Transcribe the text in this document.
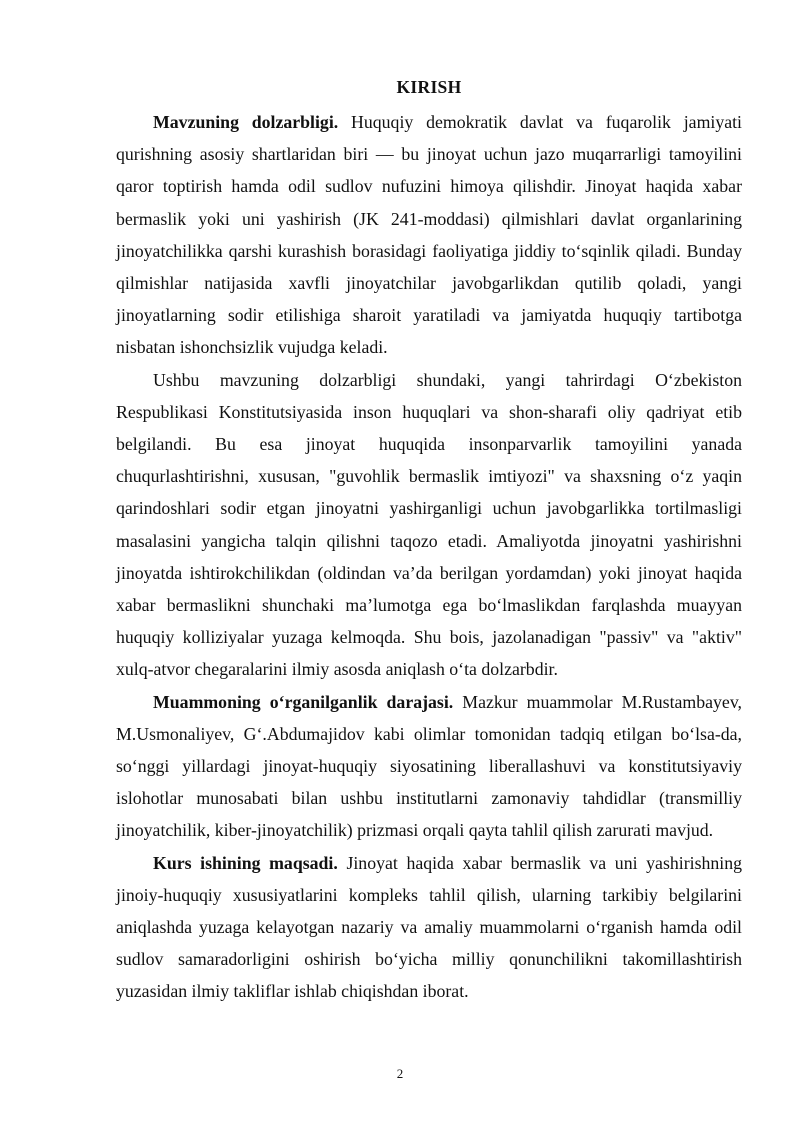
KIRISH

Mavzuning dolzarbligi. Huquqiy demokratik davlat va fuqarolik jamiyati qurishning asosiy shartlaridan biri — bu jinoyat uchun jazo muqarrarligi tamoyilini qaror toptirish hamda odil sudlov nufuzini himoya qilishdir. Jinoyat haqida xabar bermaslik yoki uni yashirish (JK 241-moddasi) qilmishlari davlat organlarining jinoyatchilikka qarshi kurashish borasidagi faoliyatiga jiddiy to‘sqinlik qiladi. Bunday qilmishlar natijasida xavfli jinoyatchilar javobgarlikdan qutilib qoladi, yangi jinoyatlarning sodir etilishiga sharoit yaratiladi va jamiyatda huquqiy tartibotga nisbatan ishonchsizlik vujudga keladi.

Ushbu mavzuning dolzarbligi shundaki, yangi tahrirdagi O‘zbekiston Respublikasi Konstitutsiyasida inson huquqlari va shon-sharafi oliy qadriyat etib belgilandi. Bu esa jinoyat huquqida insonparvarlik tamoyilini yanada chuqurlashtirishni, xususan, "guvohlik bermaslik imtiyozi" va shaxsning o‘z yaqin qarindoshlari sodir etgan jinoyatni yashirganligi uchun javobgarlikka tortilmasligi masalasini yangicha talqin qilishni taqozo etadi. Amaliyotda jinoyatni yashirishni jinoyatda ishtirokchilikdan (oldindan va’da berilgan yordamdan) yoki jinoyat haqida xabar bermaslikni shunchaki ma’lumotga ega bo‘lmaslikdan farqlashda muayyan huquqiy kolliziyalar yuzaga kelmoqda. Shu bois, jazolanadigan "passiv" va "aktiv" xulq-atvor chegaralarini ilmiy asosda aniqlash o‘ta dolzarbdir.

Muammoning o‘rganilganlik darajasi. Mazkur muammolar M.Rustambayev, M.Usmonaliyev, G‘.Abdumajidov kabi olimlar tomonidan tadqiq etilgan bo‘lsa-da, so‘nggi yillardagi jinoyat-huquqiy siyosatining liberallashuvi va konstitutsiyaviy islohotlar munosabati bilan ushbu institutlarni zamonaviy tahdidlar (transmilliy jinoyatchilik, kiber-jinoyatchilik) prizmasi orqali qayta tahlil qilish zarurati mavjud.

Kurs ishining maqsadi. Jinoyat haqida xabar bermaslik va uni yashirishning jinoiy-huquqiy xususiyatlarini kompleks tahlil qilish, ularning tarkibiy belgilarini aniqlashda yuzaga kelayotgan nazariy va amaliy muammolarni o‘rganish hamda odil sudlov samaradorligini oshirish bo‘yicha milliy qonunchilikni takomillashtirish yuzasidan ilmiy takliflar ishlab chiqishdan iborat.

2
